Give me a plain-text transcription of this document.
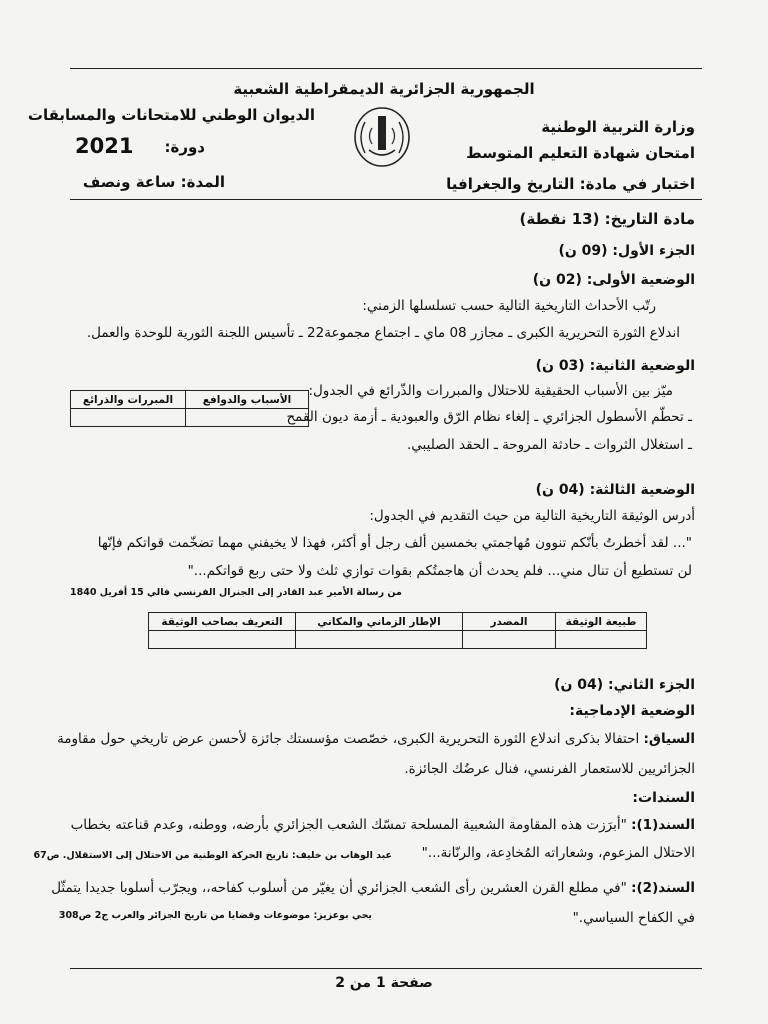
الجمهورية الجزائرية الديمقراطية الشعبية
وزارة التربية الوطنية
الديوان الوطني للامتحانات والمسابقات
امتحان شهادة التعليم المتوسط
دورة:
2021
اختبار في مادة: التاريخ والجغرافيا
المدة: ساعة ونصف
مادة التاريخ: (13 نقطة)
الجزء الأول: (09 ن)
الوضعية الأولى: (02 ن)
رتّب الأحداث التاريخية التالية حسب تسلسلها الزمني:
اندلاع الثورة التحريرية الكبرى ـ مجازر 08 ماي ـ اجتماع مجموعة22 ـ تأسيس اللجنة الثورية للوحدة والعمل.
الوضعية الثانية: (03 ن)
ميّز بين الأسباب الحقيقية للاحتلال والمبررات والذّرائع في الجدول:
ـ تحطّم الأسطول الجزائري ـ إلغاء نظام الرّق والعبودية ـ أزمة ديون القمح
ـ استغلال الثروات ـ حادثة المروحة ـ الحقد الصليبي.
الأسباب والدوافع	المبررات والذرائع

الوضعية الثالثة: (04 ن)
أدرس الوثيقة التاريخية التالية من حيث التقديم في الجدول:
"... لقد أخطرتُ بأنّكم تنوون مُهاجمتي بخمسين ألف رجل أو أكثر، فهذا لا يخيفني مهما تضخّمت قواتكم فإنّها
لن تستطيع أن تنال مني... فلم يحدث أن هاجمتُكم بقوات توازي ثلث ولا حتى ربع قواتكم..."
من رسالة الأمير عبد القادر إلى الجنرال الفرنسي فالي 15 أفريل 1840
طبيعة الوثيقة	المصدر	الإطار الزماني والمكاني	التعريف بصاحب الوثيقة

الجزء الثاني: (04 ن)
الوضعية الإدماجية:
السياق: احتفالا بذكرى اندلاع الثورة التحريرية الكبرى، خصّصت مؤسستك جائزة لأحسن عرض تاريخي حول مقاومة
الجزائريين للاستعمار الفرنسي، فنال عرضُك الجائزة.
السندات:
السند(1): "أبرَزت هذه المقاومة الشعبية المسلحة تمسّك الشعب الجزائري بأرضه، ووطنه، وعدم قناعته بخطاب
الاحتلال المزعوم، وشعاراته المُخادِعة، والرنّانة..."
عبد الوهاب بن خليف: تاريخ الحركة الوطنية من الاحتلال إلى الاستقلال. ص67
السند(2): "في مطلع القرن العشرين رأى الشعب الجزائري أن يغيّر من أسلوب كفاحه،، ويجرّب أسلوبا جديدا يتمثّل
في الكفاح السياسي."
يحي بوعزيز: موضوعات وقضايا من تاريخ الجزائر والعرب ج2 ص308
صفحة 1 من 2
